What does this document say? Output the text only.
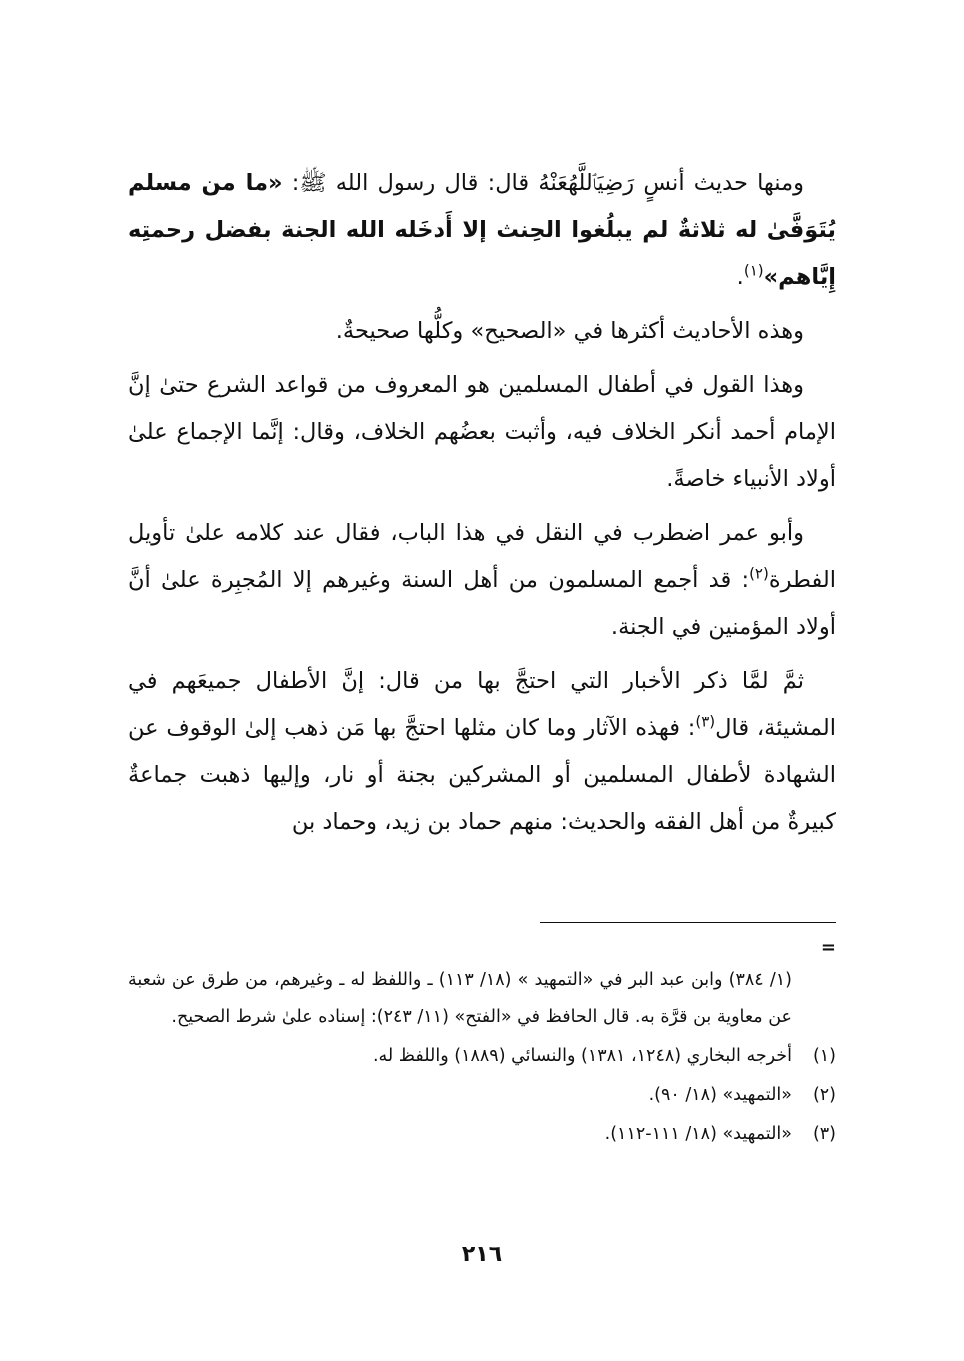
ومنها حديث أنسٍ رَضِيَٱللَّهُعَنْهُ قال: قال رسول الله ﷺ: «ما من مسلم يُتَوَفَّىٰ له ثلاثةٌ لم يبلُغوا الحِنث إلا أَدخَله الله الجنة بفضل رحمتِه إِيَّاهم»$^{(١)}$.

وهذه الأحاديث أكثرها في «الصحيح» وكلُّها صحيحةٌ.

وهذا القول في أطفال المسلمين هو المعروف من قواعد الشرع حتىٰ إنَّ الإمام أحمد أنكر الخلاف فيه، وأثبت بعضُهم الخلاف، وقال: إنَّما الإجماع علىٰ أولاد الأنبياء خاصةً.

وأبو عمر اضطرب في النقل في هذا الباب، فقال عند كلامه علىٰ تأويل الفطرة$^{(٢)}$: قد أجمع المسلمون من أهل السنة وغيرهم إلا المُجبِرة علىٰ أنَّ أولاد المؤمنين في الجنة.

ثمَّ لمَّا ذكر الأخبار التي احتجَّ بها من قال: إنَّ الأطفال جميعَهم في المشيئة، قال$^{(٣)}$: فهذه الآثار وما كان مثلها احتجَّ بها مَن ذهب إلىٰ الوقوف عن الشهادة لأطفال المسلمين أو المشركين بجنة أو نار، وإليها ذهبت جماعةٌ كبيرةٌ من أهل الفقه والحديث: منهم حماد بن زيد، وحماد بن

=

(١/ ٣٨٤) وابن عبد البر في «التمهيد » (١٨/ ١١٣) ـ واللفظ له ـ وغيرهم، من طرق عن شعبة عن معاوية بن قرَّة به. قال الحافظ في «الفتح» (١١/ ٢٤٣): إسناده علىٰ شرط الصحيح.

(١)
أخرجه البخاري (١٢٤٨، ١٣٨١) والنسائي (١٨٨٩) واللفظ له.

(٢)
«التمهيد» (١٨/ ٩٠).

(٣)
«التمهيد» (١٨/ ١١١-١١٢).

٢١٦
